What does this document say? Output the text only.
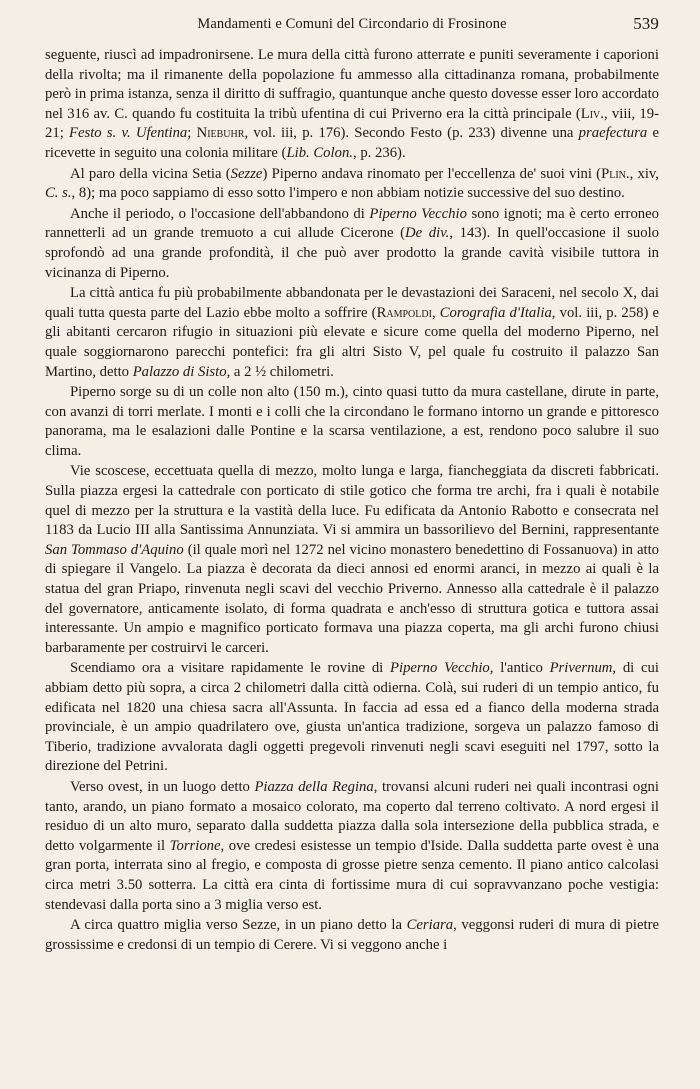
Mandamenti e Comuni del Circondario di Frosinone	539

seguente, riuscì ad impadronirsene. Le mura della città furono atterrate e puniti severamente i caporioni della rivolta; ma il rimanente della popolazione fu ammesso alla cittadinanza romana, probabilmente però in prima istanza, senza il diritto di suffragio, quantunque anche questo dovesse esser loro accordato nel 316 av. C. quando fu costituita la tribù ufentina di cui Priverno era la città principale (Liv., viii, 19-21; Festo s. v. Ufentina; Niebuhr, vol. iii, p. 176). Secondo Festo (p. 233) divenne una praefectura e ricevette in seguito una colonia militare (Lib. Colon., p. 236).

Al paro della vicina Setia (Sezze) Piperno andava rinomato per l'eccellenza de' suoi vini (Plin., xiv, C. s., 8); ma poco sappiamo di esso sotto l'impero e non abbiam notizie successive del suo destino.

Anche il periodo, o l'occasione dell'abbandono di Piperno Vecchio sono ignoti; ma è certo erroneo rannetterli ad un grande tremuoto a cui allude Cicerone (De div., 143). In quell'occasione il suolo sprofondò ad una grande profondità, il che può aver prodotto la grande cavità visibile tuttora in vicinanza di Piperno.

La città antica fu più probabilmente abbandonata per le devastazioni dei Saraceni, nel secolo X, dai quali tutta questa parte del Lazio ebbe molto a soffrire (Rampoldi, Corografia d'Italia, vol. iii, p. 258) e gli abitanti cercaron rifugio in situazioni più elevate e sicure come quella del moderno Piperno, nel quale soggiornarono parecchi pontefici: fra gli altri Sisto V, pel quale fu costruito il palazzo San Martino, detto Palazzo di Sisto, a 2 ½ chilometri.

Piperno sorge su di un colle non alto (150 m.), cinto quasi tutto da mura castellane, dirute in parte, con avanzi di torri merlate. I monti e i colli che la circondano le formano intorno un grande e pittoresco panorama, ma le esalazioni dalle Pontine e la scarsa ventilazione, a est, rendono poco salubre il suo clima.

Vie scoscese, eccettuata quella di mezzo, molto lunga e larga, fiancheggiata da discreti fabbricati. Sulla piazza ergesi la cattedrale con porticato di stile gotico che forma tre archi, fra i quali è notabile quel di mezzo per la struttura e la vastità della luce. Fu edificata da Antonio Rabotto e consecrata nel 1183 da Lucio III alla Santissima Annunziata. Vi si ammira un bassorilievo del Bernini, rappresentante San Tommaso d'Aquino (il quale morì nel 1272 nel vicino monastero benedettino di Fossanuova) in atto di spiegare il Vangelo. La piazza è decorata da dieci annosi ed enormi aranci, in mezzo ai quali è la statua del gran Priapo, rinvenuta negli scavi del vecchio Priverno. Annesso alla cattedrale è il palazzo del governatore, anticamente isolato, di forma quadrata e anch'esso di struttura gotica e tuttora assai interessante. Un ampio e magnifico porticato formava una piazza coperta, ma gli archi furono chiusi barbaramente per costruirvi le carceri.

Scendiamo ora a visitare rapidamente le rovine di Piperno Vecchio, l'antico Privernum, di cui abbiam detto più sopra, a circa 2 chilometri dalla città odierna. Colà, sui ruderi di un tempio antico, fu edificata nel 1820 una chiesa sacra all'Assunta. In faccia ad essa ed a fianco della moderna strada provinciale, è un ampio quadrilatero ove, giusta un'antica tradizione, sorgeva un palazzo famoso di Tiberio, tradizione avvalorata dagli oggetti pregevoli rinvenuti negli scavi eseguiti nel 1797, sotto la direzione del Petrini.

Verso ovest, in un luogo detto Piazza della Regina, trovansi alcuni ruderi nei quali incontrasi ogni tanto, arando, un piano formato a mosaico colorato, ma coperto dal terreno coltivato. A nord ergesi il residuo di un alto muro, separato dalla suddetta piazza dalla sola intersezione della pubblica strada, e detto volgarmente il Torrione, ove credesi esistesse un tempio d'Iside. Dalla suddetta parte ovest è una gran porta, interrata sino al fregio, e composta di grosse pietre senza cemento. Il piano antico calcolasi circa metri 3.50 sotterra. La città era cinta di fortissime mura di cui sopravvanzano poche vestigia: stendevasi dalla porta sino a 3 miglia verso est.

A circa quattro miglia verso Sezze, in un piano detto la Ceriara, veggonsi ruderi di mura di pietre grossissime e credonsi di un tempio di Cerere. Vi si veggono anche i
